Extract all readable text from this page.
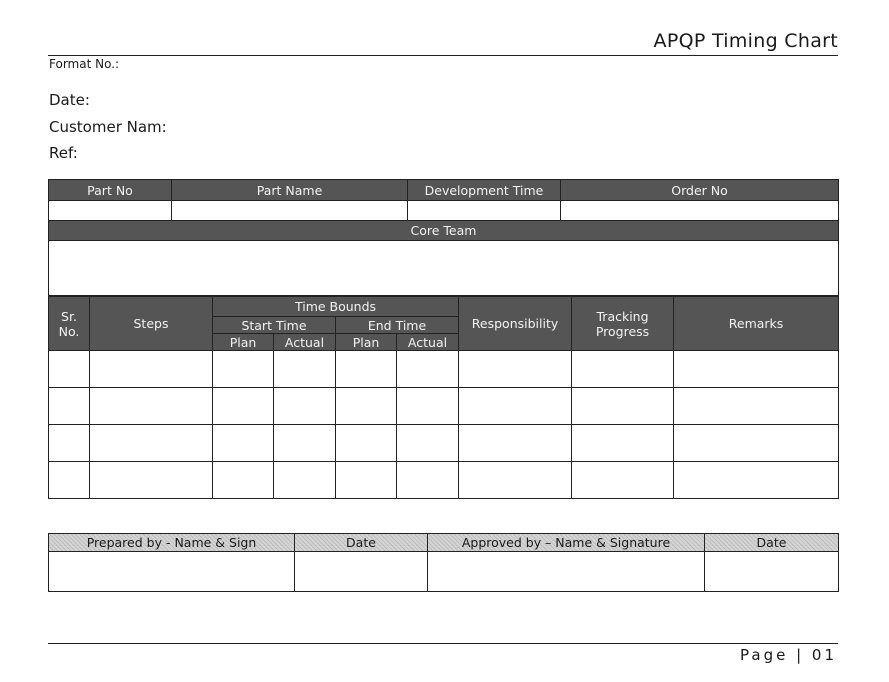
APQP Timing Chart
Format No.:
Date:
Customer Nam:
Ref:
Part No	Part Name	Development Time	Order No

Core Team			

Sr. No.	Steps	Time Bounds				Responsibility	Tracking Progress	Remarks
		Start Time		End Time				
		Plan	Actual	Plan	Actual			

Prepared by - Name & Sign	Date	Approved by – Name & Signature	Date

Page | 01
